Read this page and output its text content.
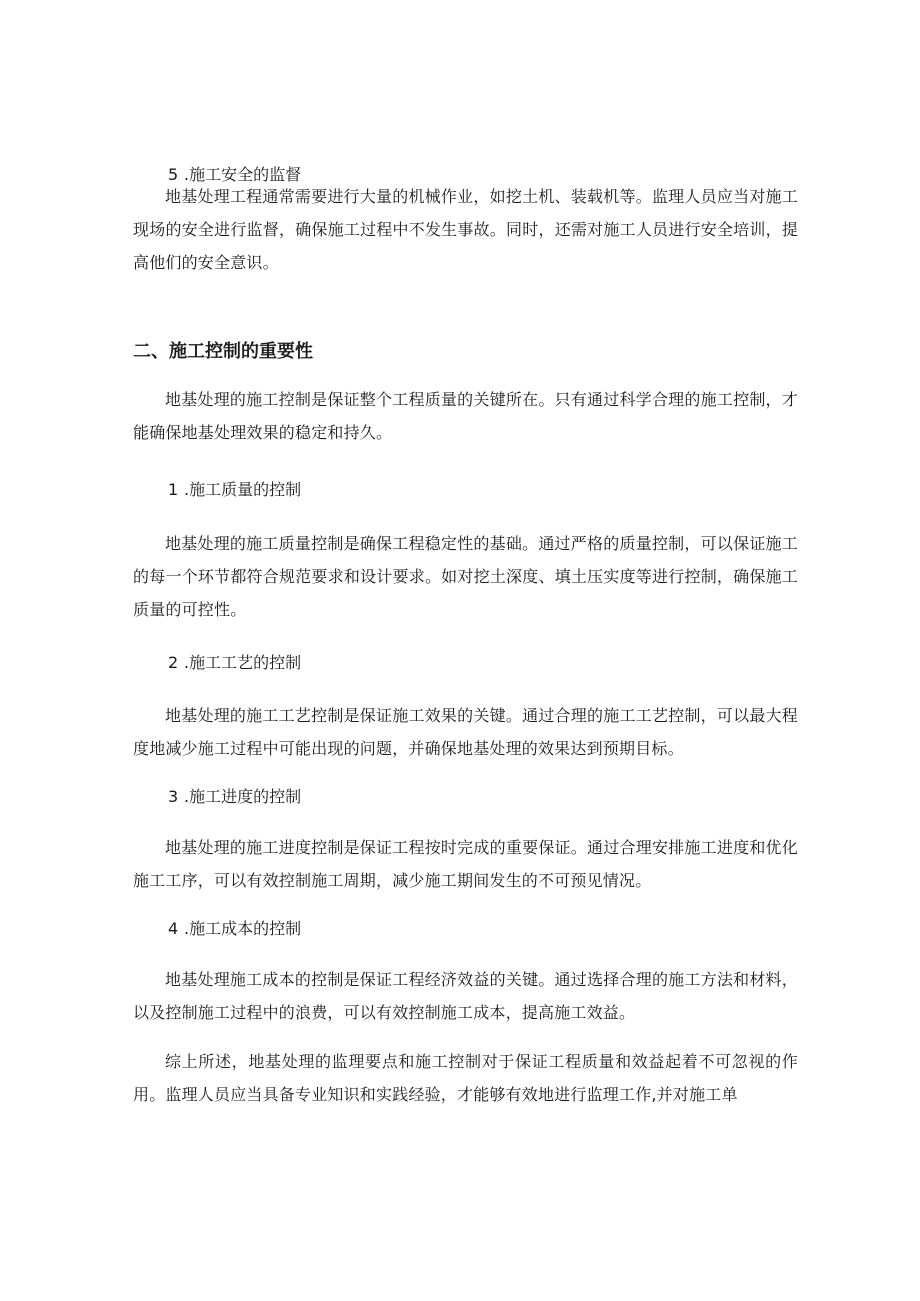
5 .施工安全的监督

地基处理工程通常需要进行大量的机械作业，如挖土机、装载机等。监理人员应当对施工现场的安全进行监督，确保施工过程中不发生事故。同时，还需对施工人员进行安全培训，提高他们的安全意识。

二、施工控制的重要性

地基处理的施工控制是保证整个工程质量的关键所在。只有通过科学合理的施工控制，才能确保地基处理效果的稳定和持久。

1 .施工质量的控制

地基处理的施工质量控制是确保工程稳定性的基础。通过严格的质量控制，可以保证施工的每一个环节都符合规范要求和设计要求。如对挖土深度、填土压实度等进行控制，确保施工质量的可控性。

2 .施工工艺的控制

地基处理的施工工艺控制是保证施工效果的关键。通过合理的施工工艺控制，可以最大程度地减少施工过程中可能出现的问题，并确保地基处理的效果达到预期目标。

3 .施工进度的控制

地基处理的施工进度控制是保证工程按时完成的重要保证。通过合理安排施工进度和优化施工工序，可以有效控制施工周期，减少施工期间发生的不可预见情况。

4 .施工成本的控制

地基处理施工成本的控制是保证工程经济效益的关键。通过选择合理的施工方法和材料，以及控制施工过程中的浪费，可以有效控制施工成本，提高施工效益。

综上所述，地基处理的监理要点和施工控制对于保证工程质量和效益起着不可忽视的作用。监理人员应当具备专业知识和实践经验，才能够有效地进行监理工作,并对施工单
